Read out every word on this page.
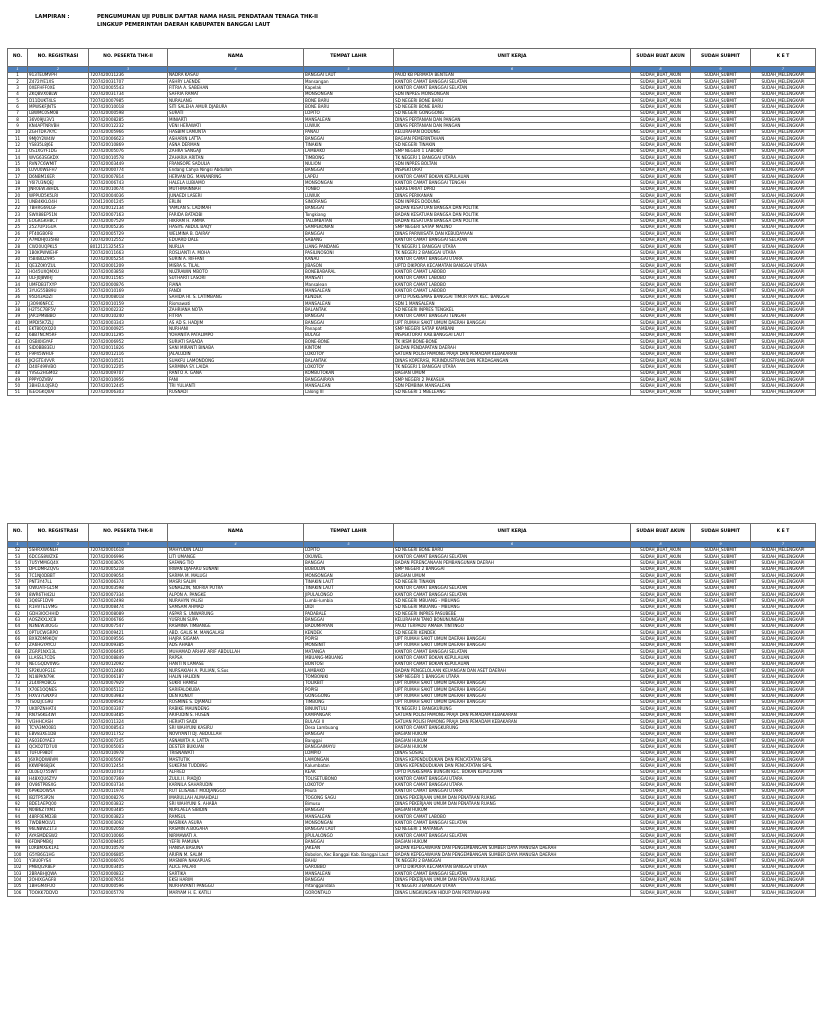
LAMPIRAN :	PENGUMUMAN UJI PUBLIK DAFTAR NAMA HASIL PENDATAAN TENAGA THK-II
LINGKUP PEMERINTAH DAERAH KABUPATEN BANGGAI LAUT
NO.	NO. REGISTRASI	NO. PESERTA THK-II	NAMA	TEMPAT LAHIR	UNIT KERJA	SUDAH BUAT AKUN	SUDAH SUBMIT	K E T
1	2	3	4	5	6	8	9	7
1	913TEUMVPH	7207420011236	NADRA KASAU	BANGGAI LAUT	PAUD KB PERMATA BENTEAN	SUDAH_BUAT_AKUN	SUDAH_SUBMIT	SUDAH_MELENGKAPI
2	Z472IYE1XS	7207420031707	ASHRY LAENDE	Mansangan	KANTOR CAMAT BANGGAI SELATAN	SUDAH_BUAT_AKUN	SUDAH_SUBMIT	SUDAH_MELENGKAPI
3	0XEFHFF0XE	7207420005543	FITRIA A. SABEHAN	Kapelak	KANTOR CAMAT BANGGAI SELATAN	SUDAH_BUAT_AKUN	SUDAH_SUBMIT	SUDAH_MELENGKAPI
4	ZKQBVX0BLW	7207420031734	SAFRIA RAMAT	MONSONGAN	SDN INPRES MONSONGAN	SUDAH_BUAT_AKUN	SUDAH_SUBMIT	SUDAH_MELENGKAPI
5	D11DUKT4LS	7207420007985	NURALANG	BONE BARU	SD NEGERI BONE BARU	SUDAH_BUAT_AKUN	SUDAH_SUBMIT	SUDAH_MELENGKAPI
6	MPWSKFJNTS	7207420010018	SITI SALEHA AMUR DJABURA	BONE BARU	SD NEGERI BONE BARU	SUDAH_BUAT_AKUN	SUDAH_SUBMIT	SUDAH_MELENGKAPI
7	LBWMC0SM08	7207420000598	SURATI	LOPITO	SD NEGERI GONGGONG	SUDAH_BUAT_AKUN	SUDAH_SUBMIT	SUDAH_MELENGKAPI
8	36V09JU3V1	7207420008285	MINIARTI	MANSALEAN	DINAS PERTANIAN DAN PANGAN	SUDAH_BUAT_AKUN	SUDAH_SUBMIT	SUDAH_MELENGKAPI
9	KN4APTNRVBH	7207420012232	VENI HERAWATI	LUWUK	DINAS PERTANIAN DAN PANGAN	SUDAH_BUAT_AKUN	SUDAH_SUBMIT	SUDAH_MELENGKAPI
10	ZGHTDR7KYC	7207420005966	HASBIM LAMUNTA	PANAU	KELURAHAN DODUNG	SUDAH_BUAT_AKUN	SUDAH_SUBMIT	SUDAH_MELENGKAPI
11	9MJ0Y2W4W	7207420006623	ASHARIN LATTA	BANGGAI	BAGIAN PEMERINTAHAN	SUDAH_BUAT_AKUN	SUDAH_SUBMIT	SUDAH_MELENGKAPI
12	YS835L8J6E	7207420010869	ASNA DERMAN	TINAKIN	SD NEGERI TINAKIN	SUDAH_BUAT_AKUN	SUDAH_SUBMIT	SUDAH_MELENGKAPI
13	OS1XGYF1DG	7207420005076	ZAHRA SANGAJI	LAMBAKO	SMP NEGERI 1 LABOBO	SUDAH_BUAT_AKUN	SUDAH_SUBMIT	SUDAH_MELENGKAPI
14	WVG63SGKDX	7207420010578	ZAHARIA ARITAN	TIMBONG	TK NEGERI 1 BANGGAI UTARA	SUDAH_BUAT_AKUN	SUDAH_SUBMIT	SUDAH_MELENGKAPI
15	RVN7C6WMIT	7207420003449	FRANSOPE SADULIA	NULION	SDN INPRES BOLTAN	SUDAH_BUAT_AKUN	SUDAH_SUBMIT	SUDAH_MELENGKAPI
16	LUVU0WEFH7	7207420000774	Endang Cahya Ningsi Abdullah	BANGGAI	INSPEKTORAT	SUDAH_BUAT_AKUN	SUDAH_SUBMIT	SUDAH_MELENGKAPI
17	D6NBM16ER	7207420007814	HERVAN DG. MANANRING	LAPEU	KANTOR CAMAT BOKAN KEPULAUAN	SUDAH_BUAT_AKUN	SUDAH_SUBMIT	SUDAH_MELENGKAPI
18	Y6I7U3NQEJ	7207420006743	HALELA LUBIAMO	MONSONGAN	KANTOR CAMAT BANGGAI TENGAH	SUDAH_BUAT_AKUN	SUDAH_SUBMIT	SUDAH_MELENGKAPI
19	JNR0EW38HDL	7207420010674	MUTHMAINNAH	TONBO	SEKRETARIAT DPRD	SUDAH_BUAT_AKUN	SUDAH_SUBMIT	SUDAH_MELENGKAPI
20	WPPUD5K5LRI	7207420004036	JUNAEDI LASERI	LUWUK	DINAS PERIKANAN	SUDAH_BUAT_AKUN	SUDAH_SUBMIT	SUDAH_MELENGKAPI
21	UNB4KKLO4H	7204120001245	ERLIN	SINORANG	SDN INPRES DODUNG	SUDAH_BUAT_AKUN	SUDAH_SUBMIT	SUDAH_MELENGKAPI
22	7BHRG69LGF	7207420012134	YAMLAN S. LADIMAH	BANGGAI	BADAN KESATUAN BANGSA DAN POLITIK	SUDAH_BUAT_AKUN	SUDAH_SUBMIT	SUDAH_MELENGKAPI
23	SWX88EP51N	7207420007163	FARIDA BATADBI	Tongkiang	BADAN KESATUAN BANGSA DAN POLITIK	SUDAH_BUAT_AKUN	SUDAH_SUBMIT	SUDAH_MELENGKAPI
24	EOGKGKH8C7	7207420007529	HIKRAM H. AMMA	TALUMBATAN	BADAN KESATUAN BANGSA DAN POLITIK	SUDAH_BUAT_AKUN	SUDAH_SUBMIT	SUDAH_MELENGKAPI
25	2527UP1GUA	7207420005236	HASIYE ABDUL BAQY	SAMPEKONAN	SMP NEGERI SATAP MALINO	SUDAH_BUAT_AKUN	SUDAH_SUBMIT	SUDAH_MELENGKAPI
26	PT40GB0F8	7207420005729	WELMINA B. DAIRAY	BANGGAI	DINAS PARIWISATA DAN KEBUDAYAAN	SUDAH_BUAT_AKUN	SUDAH_SUBMIT	SUDAH_MELENGKAPI
27	A7MDHJ035HB	7207420012552	EDUARD DALE	SABANG	KANTOR CAMAT BANGGAI SELATAN	SUDAH_BUAT_AKUN	SUDAH_SUBMIT	SUDAH_MELENGKAPI
28	CW20UQPKL5	8012121325453	NURLIA	LIANG PANDANG	TK NEGERI 1 BANGGAI UTARA	SUDAH_BUAT_AKUN	SUDAH_SUBMIT	SUDAH_MELENGKAPI
29	1B0KPWWEHF	7207420011663	ROSLIANTI A. MOHA	PASILINOSONI	TK NEGERI 2 BANGGAI UTARA	SUDAH_BUAT_AKUN	SUDAH_SUBMIT	SUDAH_MELENGKAPI
30	I5B4BDZ995	7207420005254	SURIN A. RIFFANI	KANAU	KANTOR CAMAT BANGGAI UTARA	SUDAH_BUAT_AKUN	SUDAH_SUBMIT	SUDAH_MELENGKAPI
31	QE3Z0KYZUL	7207420001209	MISRA S. TILAL	JIBASON	UPTD DIKPORA KECAMATAN BANGGAI UTARA	SUDAH_BUAT_AKUN	SUDAH_SUBMIT	SUDAH_MELENGKAPI
32	HO45UXQMXU	7207420003858	NUZRAWIN MBOTO	BONEBABARAL	KANTOR CAMAT LABOBO	SUDAH_BUAT_AKUN	SUDAH_SUBMIT	SUDAH_MELENGKAPI
33	ULFJ0J8WHJ	7207420011565	SUTHARTI LASORI	MANSATI	KANTOR CAMAT LABOBO	SUDAH_BUAT_AKUN	SUDAH_SUBMIT	SUDAH_MELENGKAPI
34	UMFDB3TXYP	7207420000876	FIANA	Mansalean	KANTOR CAMAT LABOBO	SUDAH_BUAT_AKUN	SUDAH_SUBMIT	SUDAH_MELENGKAPI
35	3YUG55B89U	7207420010169	FANDI	MANSALEAN	KANTOR CAMAT LABOBO	SUDAH_BUAT_AKUN	SUDAH_SUBMIT	SUDAH_MELENGKAPI
36	95D43ADZI	7207420008018	SAHIDA HI. S. LATIMBANG	KENDEK	UPTD PUSKESMAS BANGGAI TIMUR RAYA KEC. BANGGAI	SUDAH_BUAT_AKUN	SUDAH_SUBMIT	SUDAH_MELENGKAPI
37	J3O9I6NFCC	7207420010159	Rismawati	MANSALEAN	SDN 1 MANSALEAN	SUDAH_BUAT_AKUN	SUDAH_SUBMIT	SUDAH_MELENGKAPI
38	H2T5C7BF5V	7207420002232	ZAHRIANA NOTA	BALANTAK	SD NEGERI INPRES TENGKEL	SUDAH_BUAT_AKUN	SUDAH_SUBMIT	SUDAH_MELENGKAPI
39	JAR1PM8BBO	7207420010240	FITRIA	BANGGAI	KANTOR CAMAT BANGGAI TENGAH	SUDAH_BUAT_AKUN	SUDAH_SUBMIT	SUDAH_MELENGKAPI
40	MPDI5K7ZLJ	7207420003343	AS AD S. HADJIM	BANGGAI	UPT RUMAH SAKIT UMUM DAERAH BANGGAI	SUDAH_BUAT_AKUN	SUDAH_SUBMIT	SUDAH_MELENGKAPI
41	EKT80QXQ20	7207420000925	NURHANI	Panapat	SMP NEGERI SATAP KAMBANI	SUDAH_BUAT_AKUN	SUDAH_SUBMIT	SUDAH_MELENGKAPI
42	68B7NCM5RF	7207420011295	YOHANITA PATALIMPO	BULAGI	INSPEKTORAT KAB.BANGGAI LAUT	SUDAH_BUAT_AKUN	SUDAH_SUBMIT	SUDAH_MELENGKAPI
43	OSBI0IGYAF	7207420006952	SURIATI SASADA	BONE-BONE	TK IKSM BONE-BONE	SUDAH_BUAT_AKUN	SUDAH_SUBMIT	SUDAH_MELENGKAPI
44	SID0BB83EU	7207420011826	SANI MIRANTI BINABA	KINTOM	BADAN PENDAPATAN DAERAH	SUDAH_BUAT_AKUN	SUDAH_SUBMIT	SUDAH_MELENGKAPI
45	F9P45WHUF	7207420012116	JALALUDIN	LOKOTOY	SATUAN POLISI PAMONG PRAJA DAN PEMADAM KEBAKARAN	SUDAH_BUAT_AKUN	SUDAH_SUBMIT	SUDAH_MELENGKAPI
46	JK2GTE4VVR	7207420010521	SUAKFU LAMONDONG	BALANTAK	DINAS KOPERASI, PERINDUSTRIAN DAN PERDAGANGAN	SUDAH_BUAT_AKUN	SUDAH_SUBMIT	SUDAH_MELENGKAPI
47	D40F499VBO	7207420012205	SARMINA SY. LAIDA	LOKOTOY	TK NEGERI 1 BANGGAI UTARA	SUDAH_BUAT_AKUN	SUDAH_SUBMIT	SUDAH_MELENGKAPI
48	YVSG2HGM02	7207420009707	RANTO A. GANA	KOMBUTOKAN	BAGIAN UMUM	SUDAH_BUAT_AKUN	SUDAH_SUBMIT	SUDAH_MELENGKAPI
49	PPPYOZVBV	7207420010956	FANI	BANGGAIRAYA	SMP NEGERI 2 PAKASUA	SUDAH_BUAT_AKUN	SUDAH_SUBMIT	SUDAH_MELENGKAPI
50	3BHEUL0JSRQ	7207420012445	TRI YULIANTI	MANSALEAN	SDN PEMBINA MANSALEAN	SUDAH_BUAT_AKUN	SUDAH_SUBMIT	SUDAH_MELENGKAPI
51	IEEOGKQ0AI	7207420006303	RUSNADI	Lalong III	SD NEGERI 1 MBELEANG	SUDAH_BUAT_AKUN	SUDAH_SUBMIT	SUDAH_MELENGKAPI
NO.	NO. REGISTRASI	NO. PESERTA THK-II	NAMA	TEMPAT LAHIR	UNIT KERJA	SUDAH BUAT AKUN	SUDAH SUBMIT	K E T
1	2	3	4	5	6	8	9	7
52	5SHRXW6NLH	7207420001618	MAHYUDIN LALU	LOPITO	SD NEGERI BONE BARU	SUDAH_BUAT_AKUN	SUDAH_SUBMIT	SUDAH_MELENGKAPI
53	6DCGS8WZXE	7207420006996	LITI UMANGE	OKUWEL	KANTOR CAMAT BANGGAI SELATAN	SUDAH_BUAT_AKUN	SUDAH_SUBMIT	SUDAH_MELENGKAPI
54	7U5YMMGQ4X	7207420003676	SAFANG TIO	BANGGAI	BADAN PERENCANAAN PEMBANGUNAN DAERAH	SUDAH_BUAT_AKUN	SUDAH_SUBMIT	SUDAH_MELENGKAPI
55	DPCDMRZQVG	7207420005218	IRWAN DJAFARU SUNANI	BOBOLON	SMP NEGERI 2 BANGGAI	SUDAH_BUAT_AKUN	SUDAH_SUBMIT	SUDAH_MELENGKAPI
56	7C1NJ0DBBT	7207420009054	SARMA M. MALUGI	MONSONGAN	BAGIAN UMUM	SUDAH_BUAT_AKUN	SUDAH_SUBMIT	SUDAH_MELENGKAPI
57	PNT3Y47LL	7207420006374	MASRI SALIM	TINAKIN LAUT	SD NEGERI TINAKIN	SUDAH_BUAT_AKUN	SUDAH_SUBMIT	SUDAH_MELENGKAPI
58	OWUATFGL5M	7207420003598	SUNAEZIN, NOFRIA PUTRA	TINAKIN LAUT	KANTOR CAMAT BANGGAI SELATAN	SUDAH_BUAT_AKUN	SUDAH_SUBMIT	SUDAH_MELENGKAPI
59	8WR6TH42LI	7207420007334	ALPON A. PANGKE	JIPULALONGO	KANTOR CAMAT BANGGAI SELATAN	SUDAH_BUAT_AKUN	SUDAH_SUBMIT	SUDAH_MELENGKAPI
60	3Q6SF1DV9	7207420002498	NURAHYN YALISI	Lumbi-lumbia	SD NEGERI MBUANG - MBUANG	SUDAH_BUAT_AKUN	SUDAH_SUBMIT	SUDAH_MELENGKAPI
61	R1HVTE1VMG	7207420008474	SAMSAM AHMAD	DIDI	SD NEGERI MBUANG - MBUANG	SUDAH_BUAT_AKUN	SUDAH_SUBMIT	SUDAH_MELENGKAPI
62	GDH3IOCHHID	7207420008089	ASPAR S. UNWARUNG	PADABALE	SD NEGERI INPRES PASUBEBE	SUDAH_BUAT_AKUN	SUDAH_SUBMIT	SUDAH_MELENGKAPI
63	AOSZKXLXCB	7207420006766	YUSRUN SUPA	BANGGAI	KELURAHAN TANO BONUNUNGAN	SUDAH_BUAT_AKUN	SUDAH_SUBMIT	SUDAH_MELENGKAPI
64	N3NEW3IOGG	7207420007547	RASMINA TIMBANGE	BADUMPAYAN	PAUD TERPADU AMABA TINTINGO	SUDAH_BUAT_AKUN	SUDAH_SUBMIT	SUDAH_MELENGKAPI
65	0PTUCWGRPO	7207420009421	ABD. GALIS M. MANGALASI	KENDEK	SD NEGERI KENDEK	SUDAH_BUAT_AKUN	SUDAH_SUBMIT	SUDAH_MELENGKAPI
66	BX9Z0M9KQV	7207420009556	HAJRA SIGAMA	POPISI	UPT RUMAH SAKIT UMUM DAERAH BANGGAI	SUDAH_BUAT_AKUN	SUDAH_SUBMIT	SUDAH_MELENGKAPI
67	ZA6HGYAYCU	7207420009385	ADS AHABA	MONSINIT	UPT RUMAH SAKIT UMUM DAERAH BANGGAI	SUDAH_BUAT_AKUN	SUDAH_SUBMIT	SUDAH_MELENGKAPI
68	ZGRP1NX13L	7207420006495	MUHAMAD ARHAF ARIF ABDULLAH	MATANGA	KANTOR CAMAT BANGGAI SELATAN	SUDAH_BUAT_AKUN	SUDAH_SUBMIT	SUDAH_MELENGKAPI
69	LLASSL7CDS	7207420008849	RAPSA	MBUANG-MBUANG	KANTOR CAMAT BOKAN KEPULAUAN	SUDAH_BUAT_AKUN	SUDAH_SUBMIT	SUDAH_MELENGKAPI
70	NECGQDV0WG	7207420012092	HANTI N LAMASE	BONTOSI	KANTOR CAMAT BOKAN KEPULAUAN	SUDAH_BUAT_AKUN	SUDAH_SUBMIT	SUDAH_MELENGKAPI
71	SP2KU0FG1E	7207420012480	NURSAKIAH A. PULIAN, S.Sos	LAMBAKO	BADAN PENGELOLAAN KEUANGAN DAN ASET DAERAH	SUDAH_BUAT_AKUN	SUDAH_SUBMIT	SUDAH_MELENGKAPI
72	N1I8PKN79K	7207420006187	HALIN HALIDIN	TOMBONIKI	SMP NEGERI 1 BANGGAI UTARA	SUDAH_BUAT_AKUN	SUDAH_SUBMIT	SUDAH_MELENGKAPI
73	2L4XPAOBCG	7207420007929	SUKRI HAMISI	TOLIKBIT	UPT RUMAH SAKIT UMUM DAERAH BANGGAI	SUDAH_BUAT_AKUN	SUDAH_SUBMIT	SUDAH_MELENGKAPI
74	X70E1OQNES	7207420005112	SARIFALOKUBA	POPISI	UPT RUMAH SAKIT UMUM DAERAH BANGGAI	SUDAH_BUAT_AKUN	SUDAH_SUBMIT	SUDAH_MELENGKAPI
75	HXV37GNXP3	7207420003983	DEN KUNUT	GONGGONG	UPT RUMAH SAKIT UMUM DAERAH BANGGAI	SUDAH_BUAT_AKUN	SUDAH_SUBMIT	SUDAH_MELENGKAPI
76	TS0I2JCG9U	7207420009592	ROSMINE S. DJAMALI	TIMBONG	UPT RUMAH SAKIT UMUM DAERAH BANGGAI	SUDAH_BUAT_AKUN	SUDAH_SUBMIT	SUDAH_MELENGKAPI
77	UK0PZNHAT4	7207420003307	RABIKE MAUNDENG	BINUNTULI	TK NEGERI 1 BANGKURUNG	SUDAH_BUAT_AKUN	SUDAH_SUBMIT	SUDAH_MELENGKAPI
78	RN7S6KE4WI	7207420003485	ARIFUDIN S. HUSEN	KAMPANGAR	SATUAN POLISI PAMONG PRAJA DAN PEMADAM KEBAKARAN	SUDAH_BUAT_AKUN	SUDAH_SUBMIT	SUDAH_MELENGKAPI
79	VI3HHCASH	7207420011324	HERIATI SAIDI	BULAGI II	SATUAN POLISI PAMONG PRAJA DAN PEMADAM KEBAKARAN	SUDAH_BUAT_AKUN	SUDAH_SUBMIT	SUDAH_MELENGKAPI
80	TCYA3MO0B1	7207420008543	SRI WAHYUNI KASIRU	Desa Lambuang	KANTOR CAMAT BANGKURUNG	SUDAH_BUAT_AKUN	SUDAH_SUBMIT	SUDAH_MELENGKAPI
81	EBV83XE1DB	7207420011752	NOVIYANTI DJ. ABDULLAH	BANGGAI	BAGIAN HUKUM	SUDAH_BUAT_AKUN	SUDAH_SUBMIT	SUDAH_MELENGKAPI
82	AS03E0YAE3	7207420007245	ASNAWITA A. LATTA	Banggai	BAGIAN HUKUM	SUDAH_BUAT_AKUN	SUDAH_SUBMIT	SUDAH_MELENGKAPI
83	QCKO2TD7U0	7207420005003	DESTER BUKUAN	BANGGAIMAYU	BAGIAN HUKUM	SUDAH_BUAT_AKUN	SUDAH_SUBMIT	SUDAH_MELENGKAPI
84	TUFUF98DT	7207420010978	TRISNAWATI	LOMPIO	DINAS SOSIAL	SUDAH_BUAT_AKUN	SUDAH_SUBMIT	SUDAH_MELENGKAPI
85	J6XRQDW8VM	7207420005067	MASTUTIK	LAMONGAN	DINAS KEPENDUDUKAN DAN PENCATATAN SIPIL	SUDAH_BUAT_AKUN	SUDAH_SUBMIT	SUDAH_MELENGKAPI
86	KKWP868J3K	7207420012454	SUKERNI TUDDING	Kalumbatan	DINAS KEPENDUDUKAN DAN PENCATATAN SIPIL	SUDAH_BUAT_AKUN	SUDAH_SUBMIT	SUDAH_MELENGKAPI
87	DL0EQ755WT	7207420010703	ALFRED	KEAK	UPTD PUSKESMAS BUNGIN KEC. BOKAN KEPULAUAN	SUDAH_BUAT_AKUN	SUDAH_SUBMIT	SUDAH_MELENGKAPI
88	H48XQU6ZYV	7207420007369	ZULILI I. PIADJO	TOLISETUBONO	KANTOR CAMAT BANGGAI UTARA	SUDAH_BUAT_AKUN	SUDAH_SUBMIT	SUDAH_MELENGKAPI
89	OV86TPBSXG	7207420003734	KARNILA SAHARUDIN	LOKOTOY	KANTOR CAMAT BANGGAI UTARA	SUDAH_BUAT_AKUN	SUDAH_SUBMIT	SUDAH_MELENGKAPI
90	6P9KDOW5A	7207420011974	RUT ELISABET MODJANGGO	Peura	KANTOR CAMAT BANGGAI UTARA	SUDAH_BUAT_AKUN	SUDAH_SUBMIT	SUDAH_MELENGKAPI
91	IB2TP53P2N	7207420008276	IMARULLAH ALMAHDALI	TOGONG SAGU	DINAS PEKERJAAN UMUM DAN PENATAAN RUANG	SUDAH_BUAT_AKUN	SUDAH_SUBMIT	SUDAH_MELENGKAPI
92	BDE1AEPQ00	7207420003832	SRI WAHYUNI S. AHABA	Bimusu	DINAS PEKERJAAN UMUM DAN PENATAAN RUANG	SUDAH_BUAT_AKUN	SUDAH_SUBMIT	SUDAH_MELENGKAPI
93	N0IB6Z7XM1	7207420003485	NURLAELA SIBIDIN	BANGGAI	BAGIAN HUKUM	SUDAH_BUAT_AKUN	SUDAH_SUBMIT	SUDAH_MELENGKAPI
94	48RF0EMD3B	7207420003823	RAMSUL	MANSALEAN	KANTOR CAMAT LABOBO	SUDAH_BUAT_AKUN	SUDAH_SUBMIT	SUDAH_MELENGKAPI
95	7WDBMOLV1	7207420003092	NASRIKA ASURA	MONSONGAN	KANTOR CAMAT BANGGAI SELATAN	SUDAH_BUAT_AKUN	SUDAH_SUBMIT	SUDAH_MELENGKAPI
96	96LNBWZ1T3	7207420002058	RASMIN A.BOGAHA	BANGGAI LAUT	SD NEGERI 1 MATANGA	SUDAH_BUAT_AKUN	SUDAH_SUBMIT	SUDAH_MELENGKAPI
97	AYASMDESW2	7207420010066	NIRMAWATI A.	JIPULALONGO	KANTOR CAMAT BANGGAI SELATAN	SUDAH_BUAT_AKUN	SUDAH_SUBMIT	SUDAH_MELENGKAPI
98	6FDNPMB6J	7207420009405	YEFRI PAMUNA	BANGGAI	BAGIAN HUKUM	SUDAH_BUAT_AKUN	SUDAH_SUBMIT	SUDAH_MELENGKAPI
99	L0RBMXEK1A1	7207420010578	HANISA BASUNA	JAKEAN	BADAN KEPEGAWAIAN DAN PENGEMBANGAN SUMBER DAYA MANUSIA DAERAH	SUDAH_BUAT_AKUN	SUDAH_SUBMIT	SUDAH_MELENGKAPI
100	G5YB6G1HG	7207420006805	ARIFIN M. SALIM	Bobolon, Kec Banggai Kab. Banggai Laut	BADAN KEPEGAWAIAN DAN PENGEMBANGAN SUMBER DAYA MANUSIA DAERAH	SUDAH_BUAT_AKUN	SUDAH_SUBMIT	SUDAH_MELENGKAPI
101	Y3IU0FYS4	7207420006076	MASNIPA NAKAPUAS	BAHU	TK NEGERI 2 BANGGAI	SUDAH_BUAT_AKUN	SUDAH_SUBMIT	SUDAH_MELENGKAPI
102	PMBQI2R8EP	7207420003405	ALICE PALARI	GAROBBO	UPTD DIKPORA KECAMATAN BANGGAI UTARA	SUDAH_BUAT_AKUN	SUDAH_SUBMIT	SUDAH_MELENGKAPI
103	2BRABHJQWA	7207420000832	SARTIKA	MANSALEAN	KANTOR CAMAT BANGGAI SELATAN	SUDAH_BUAT_AKUN	SUDAH_SUBMIT	SUDAH_MELENGKAPI
104	2OHIXGAGF8	7207420007654	EKSI HARIM	BANGGAI	DINAS PEKERJAAN UMUM DAN PENATAAN RUANG	SUDAH_BUAT_AKUN	SUDAH_SUBMIT	SUDAH_MELENGKAPI
105	1BHGM4FUO	7207420000596	NURHAYANTI PANGGU	mtanggandala	TK NEGERI 3 BANGGAI UTARA	SUDAH_BUAT_AKUN	SUDAH_SUBMIT	SUDAH_MELENGKAPI
106	TOOKK7DDVD	7207420005778	MARYAM H. E. KATILI	GORONTALO	DINAS LINGKUNGAN HIDUP DAN PERTANAHAN	SUDAH_BUAT_AKUN	SUDAH_SUBMIT	SUDAH_MELENGKAPI
